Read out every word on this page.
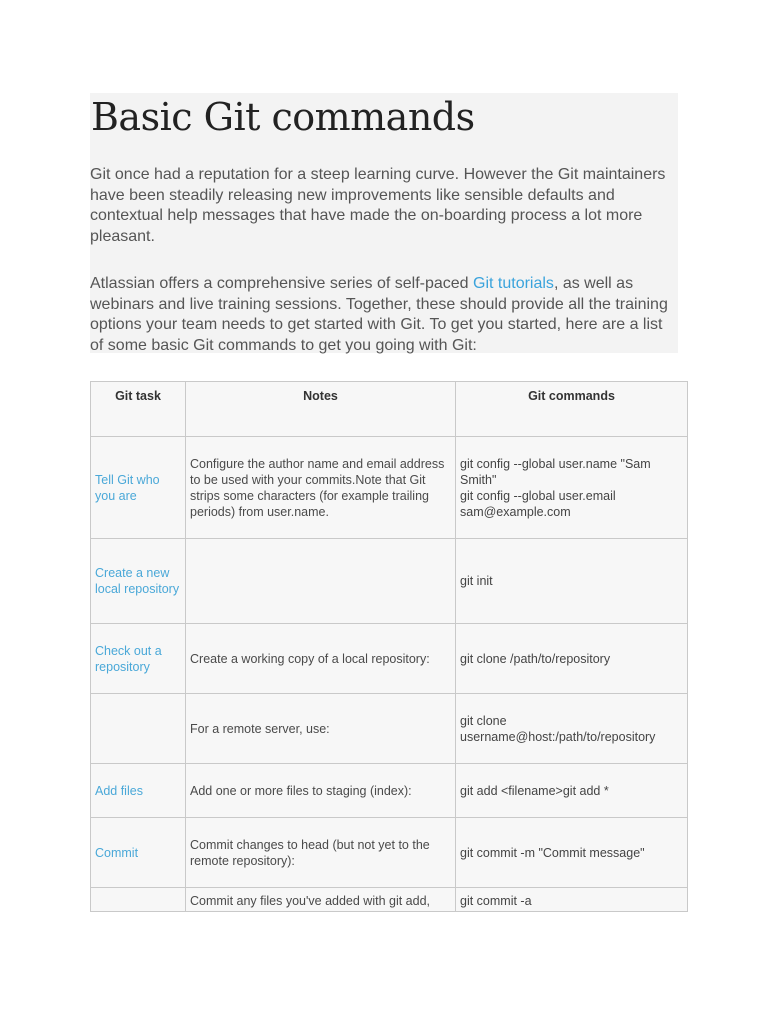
Basic Git commands

Git once had a reputation for a steep learning curve. However the Git maintainers have been steadily releasing new improvements like sensible defaults and contextual help messages that have made the on-boarding process a lot more pleasant.

Atlassian offers a comprehensive series of self-paced Git tutorials, as well as webinars and live training sessions. Together, these should provide all the training options your team needs to get started with Git. To get you started, here are a list of some basic Git commands to get you going with Git:

Git task	Notes	Git commands
Tell Git who you are	Configure the author name and email address to be used with your commits.Note that Git strips some characters (for example trailing periods) from user.name.	git config --global user.name "Sam Smith"
git config --global user.email sam@example.com

Create a new local repository		git init

Check out a repository	Create a working copy of a local repository:	git clone /path/to/repository

	For a remote server, use:	git clone username@host:/path/to/repository

Add files	Add one or more files to staging (index):	git add <filename>git add *

Commit	Commit changes to head (but not yet to the remote repository):	git commit -m "Commit message"

	Commit any files you've added with git add,	git commit -a
